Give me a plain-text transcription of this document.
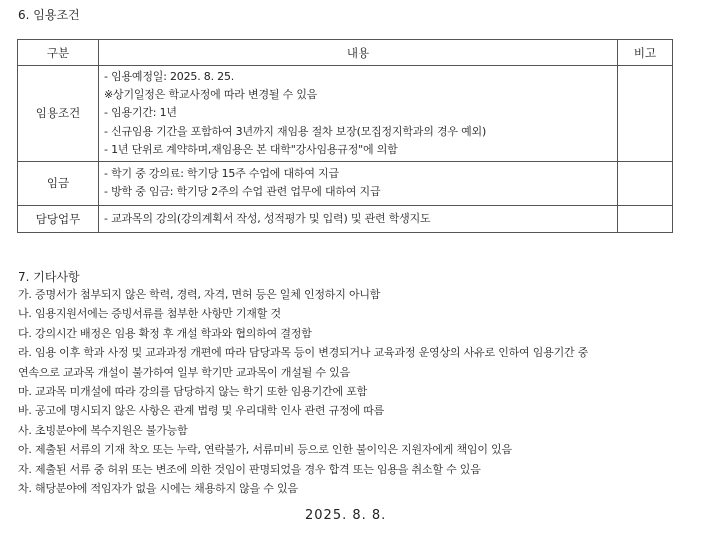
6. 임용조건
구분	내용	비고
임용조건	- 임용예정일: 2025. 8. 25.
※상기일정은 학교사정에 따라 변경될 수 있음
- 임용기간: 1년
- 신규임용 기간을 포함하여 3년까지 재임용 절차 보장(모집정지학과의 경우 예외)
- 1년 단위로 계약하며,재임용은 본 대학"강사임용규정"에 의함	

임금	- 학기 중 강의료: 학기당 15주 수업에 대하여 지급
- 방학 중 임금: 학기당 2주의 수업 관련 업무에 대하여 지급	

담당업무	- 교과목의 강의(강의계획서 작성, 성적평가 및 입력) 및 관련 학생지도	

7. 기타사항
가. 증명서가 첨부되지 않은 학력, 경력, 자격, 면허 등은 일체 인정하지 아니함
나. 임용지원서에는 증빙서류를 첨부한 사항만 기재할 것
다. 강의시간 배정은 임용 확정 후 개설 학과와 협의하여 결정함
라. 임용 이후 학과 사정 및 교과과정 개편에 따라 담당과목 등이 변경되거나 교육과정 운영상의 사유로 인하여 임용기간 중
연속으로 교과목 개설이 불가하여 일부 학기만 교과목이 개설될 수 있음
마. 교과목 미개설에 따라 강의를 담당하지 않는 학기 또한 임용기간에 포함
바. 공고에 명시되지 않은 사항은 관계 법령 및 우리대학 인사 관련 규정에 따름
사. 초빙분야에 복수지원은 불가능함
아. 제출된 서류의 기재 착오 또는 누락, 연락불가, 서류미비 등으로 인한 불이익은 지원자에게 책임이 있음
자. 제출된 서류 중 허위 또는 변조에 의한 것임이 판명되었을 경우 합격 또는 임용을 취소할 수 있음
차. 해당분야에 적임자가 없을 시에는 채용하지 않을 수 있음
2025. 8. 8.
